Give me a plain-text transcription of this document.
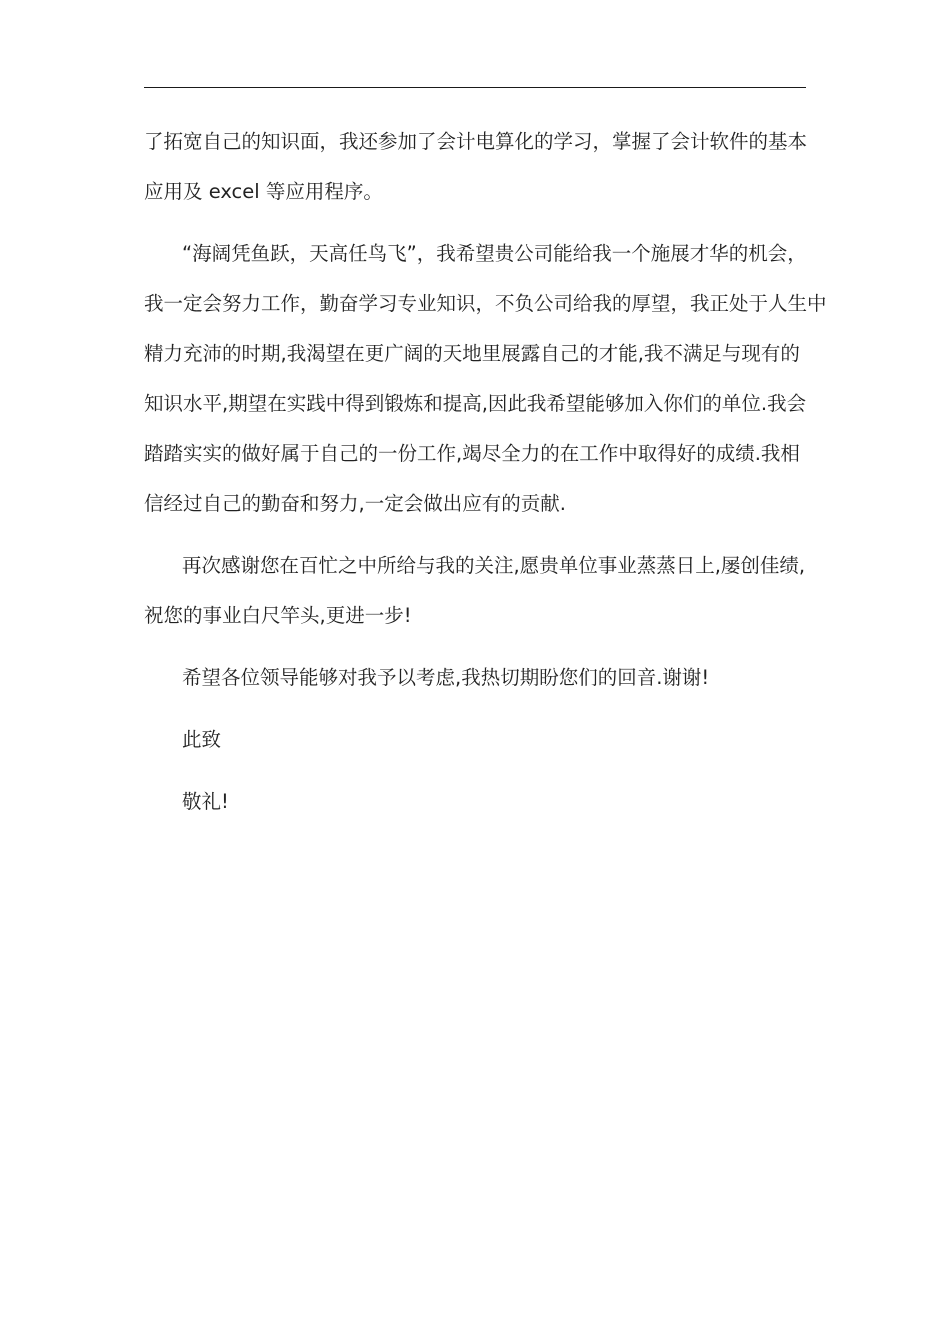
了拓宽自己的知识面，我还参加了会计电算化的学习，掌握了会计软件的基本
应用及 excel 等应用程序。
“海阔凭鱼跃，天高任鸟飞”，我希望贵公司能给我一个施展才华的机会，
我一定会努力工作，勤奋学习专业知识，不负公司给我的厚望，我正处于人生中
精力充沛的时期,我渴望在更广阔的天地里展露自己的才能,我不满足与现有的
知识水平,期望在实践中得到锻炼和提高,因此我希望能够加入你们的单位.我会
踏踏实实的做好属于自己的一份工作,竭尽全力的在工作中取得好的成绩.我相
信经过自己的勤奋和努力,一定会做出应有的贡献.
再次感谢您在百忙之中所给与我的关注,愿贵单位事业蒸蒸日上,屡创佳绩,
祝您的事业白尺竿头,更进一步!
希望各位领导能够对我予以考虑,我热切期盼您们的回音.谢谢!
此致
敬礼!
